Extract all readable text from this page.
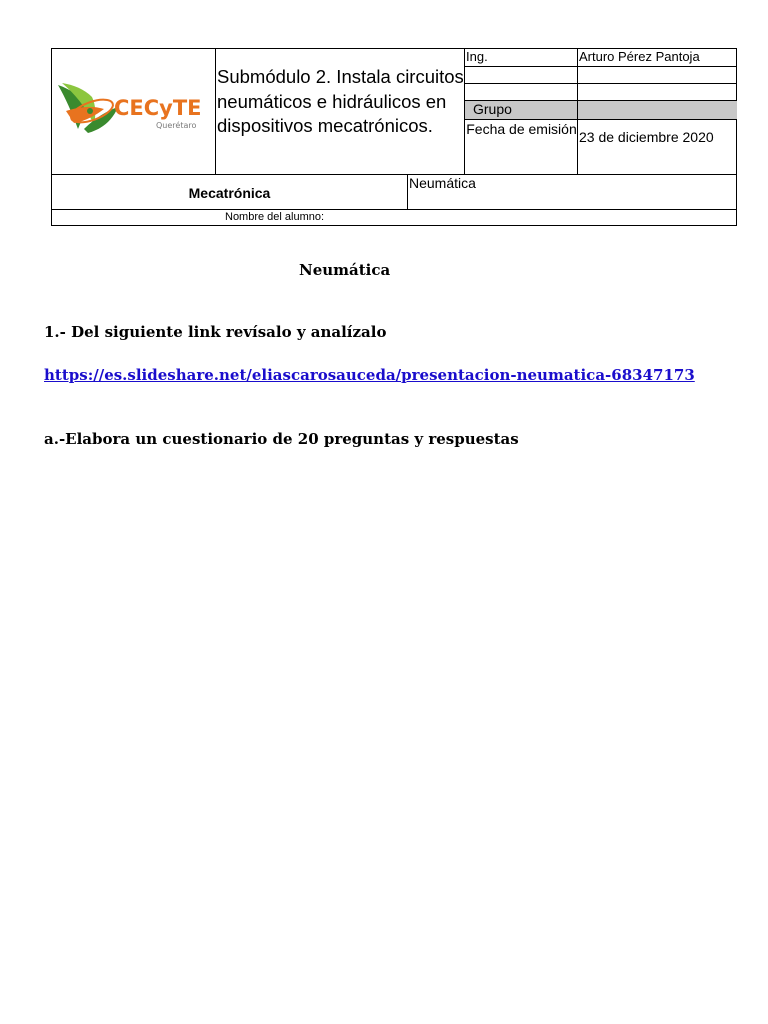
CECyTE
Querétaro
Submódulo 2. Instala circuitos neumáticos e hidráulicos en dispositivos mecatrónicos.
Ing.	Arturo Pérez Pantoja
Grupo
Fecha de emisión 23 de diciembre 2020
Mecatrónica
Neumática
Nombre del alumno:
Neumática
1.- Del siguiente link revísalo y analízalo
https://es.slideshare.net/eliascarosauceda/presentacion-neumatica-68347173
a.-Elabora un cuestionario de 20 preguntas y respuestas
